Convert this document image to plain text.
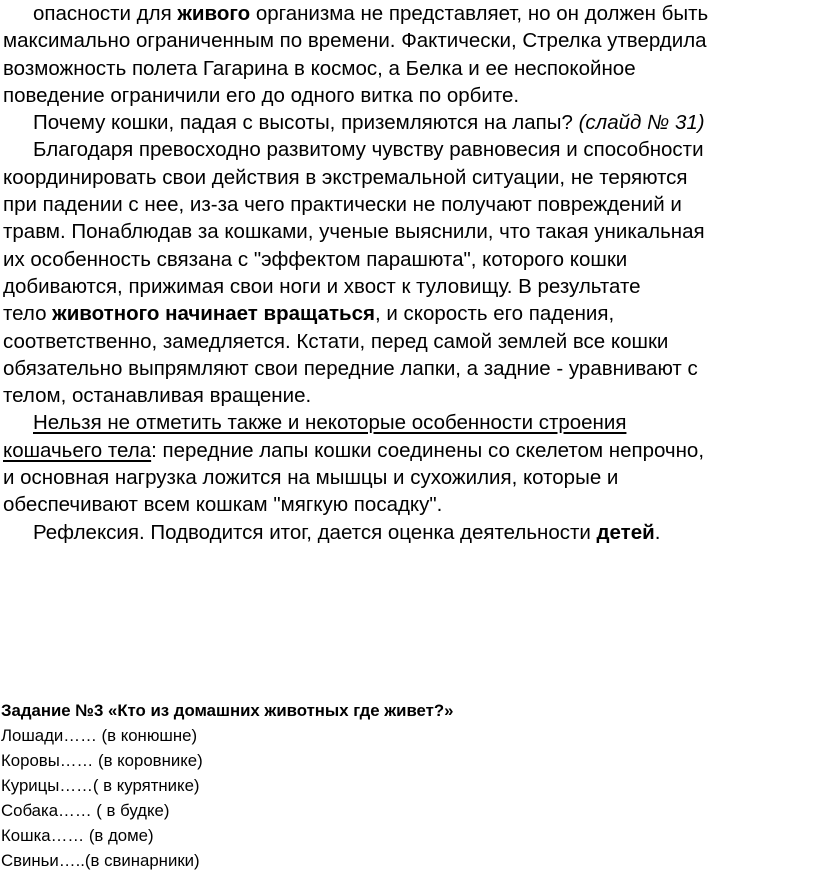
опасности для живого организма не представляет, но он должен быть
максимально ограниченным по времени. Фактически, Стрелка утвердила
возможность полета Гагарина в космос, а Белка и ее неспокойное
поведение ограничили его до одного витка по орбите.
Почему кошки, падая с высоты, приземляются на лапы? (слайд № 31)
Благодаря превосходно развитому чувству равновесия и способности
координировать свои действия в экстремальной ситуации, не теряются
при падении с нее, из-за чего практически не получают повреждений и
травм. Понаблюдав за кошками, ученые выяснили, что такая уникальная
их особенность связана с "эффектом парашюта", которого кошки
добиваются, прижимая свои ноги и хвост к туловищу. В результате
тело животного начинает вращаться, и скорость его падения,
соответственно, замедляется. Кстати, перед самой землей все кошки
обязательно выпрямляют свои передние лапки, а задние - уравнивают с
телом, останавливая вращение.
Нельзя не отметить также и некоторые особенности строения
кошачьего тела: передние лапы кошки соединены со скелетом непрочно,
и основная нагрузка ложится на мышцы и сухожилия, которые и
обеспечивают всем кошкам "мягкую посадку".
Рефлексия. Подводится итог, дается оценка деятельности детей.
Задание №3 «Кто из домашних животных где живет?»
Лошади…… (в конюшне)
Коровы…… (в коровнике)
Курицы……( в курятнике)
Собака…… ( в будке)
Кошка…… (в доме)
Свиньи…..(в свинарники)
